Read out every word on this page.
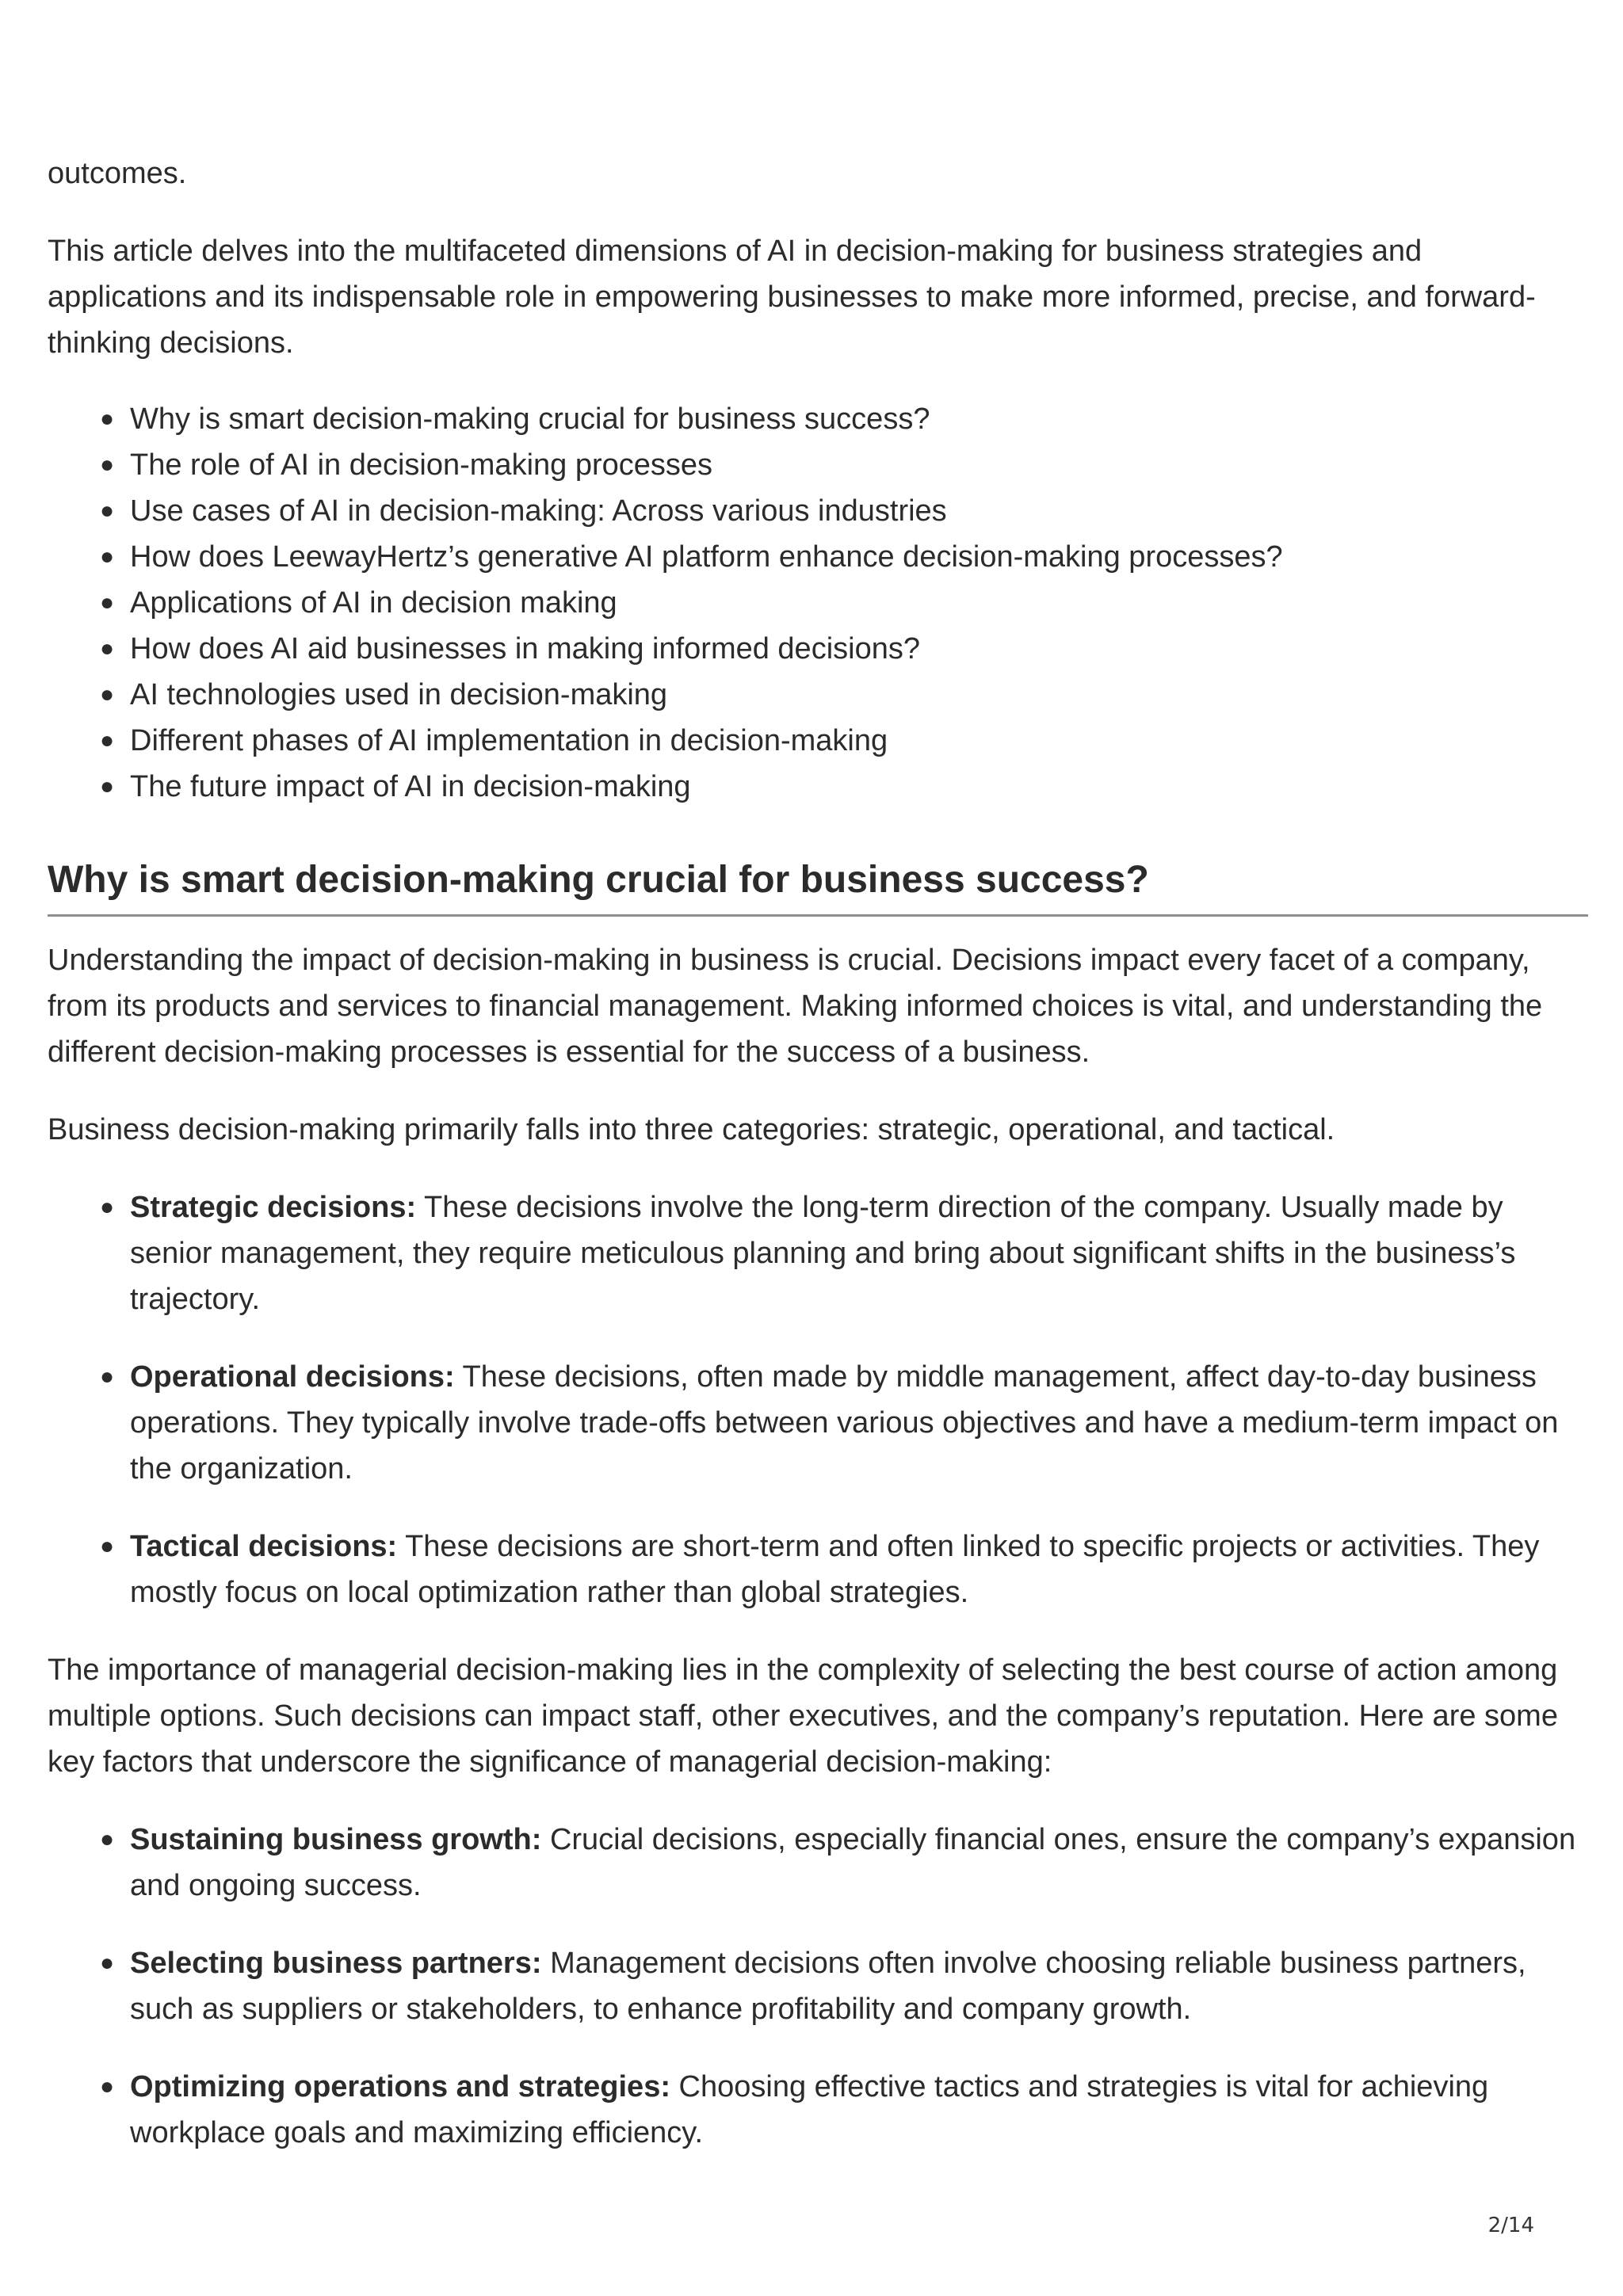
outcomes.

This article delves into the multifaceted dimensions of AI in decision-making for business strategies and applications and its indispensable role in empowering businesses to make more informed, precise, and forward-thinking decisions.

● Why is smart decision-making crucial for business success?
● The role of AI in decision-making processes
● Use cases of AI in decision-making: Across various industries
● How does LeewayHertz’s generative AI platform enhance decision-making processes?
● Applications of AI in decision making
● How does AI aid businesses in making informed decisions?
● AI technologies used in decision-making
● Different phases of AI implementation in decision-making
● The future impact of AI in decision-making
Why is smart decision-making crucial for business success?

Understanding the impact of decision-making in business is crucial. Decisions impact every facet of a company, from its products and services to financial management. Making informed choices is vital, and understanding the different decision-making processes is essential for the success of a business.

Business decision-making primarily falls into three categories: strategic, operational, and tactical.

● Strategic decisions: These decisions involve the long-term direction of the company. Usually made by senior management, they require meticulous planning and bring about significant shifts in the business’s trajectory.
● Operational decisions: These decisions, often made by middle management, affect day-to-day business operations. They typically involve trade-offs between various objectives and have a medium-term impact on the organization.
● Tactical decisions: These decisions are short-term and often linked to specific projects or activities. They mostly focus on local optimization rather than global strategies.

The importance of managerial decision-making lies in the complexity of selecting the best course of action among multiple options. Such decisions can impact staff, other executives, and the company’s reputation. Here are some key factors that underscore the significance of managerial decision-making:

● Sustaining business growth: Crucial decisions, especially financial ones, ensure the company’s expansion and ongoing success.
● Selecting business partners: Management decisions often involve choosing reliable business partners, such as suppliers or stakeholders, to enhance profitability and company growth.
● Optimizing operations and strategies: Choosing effective tactics and strategies is vital for achieving workplace goals and maximizing efficiency.
2/14
